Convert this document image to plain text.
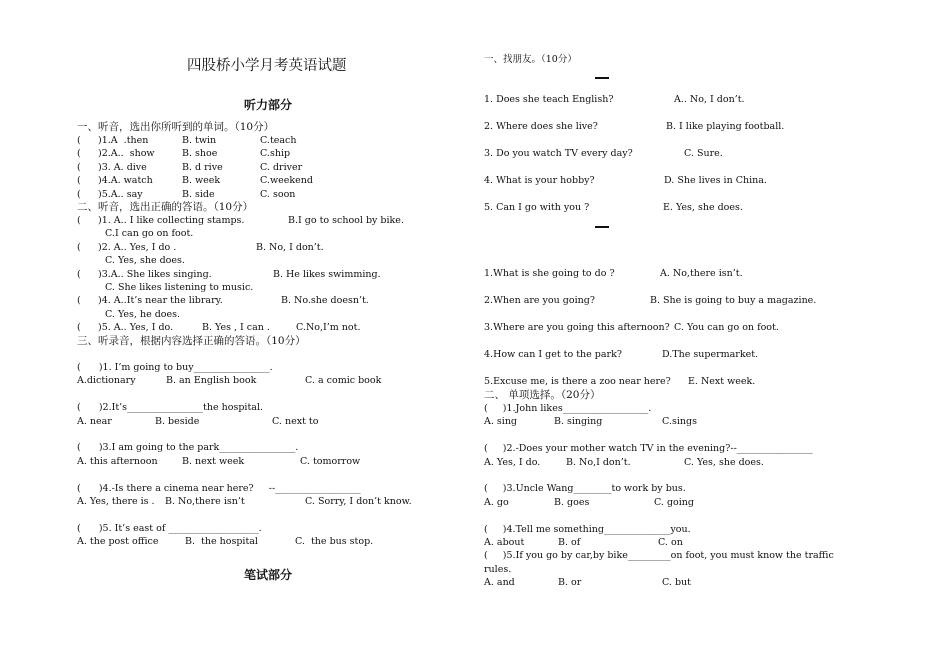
四股桥小学月考英语试题
听力部分
一、听音，选出你所听到的单词。（10分）
( )1.A  .then	B. twin	C.teach
( )2.A..  show	B. shoe	C.ship
( )3. A. dive	B. d rive	C. driver
( )4.A. watch	B. week	C.weekend
( )5.A.. say	B. side	C. soon
二、听音，选出正确的答语。（10分）
( )1. A.. I like collecting stamps.	B.I go to school by bike.
C.I can go on foot.
( )2. A.. Yes, I do .	B. No, I don’t.
C. Yes, she does.
( )3.A.. She likes singing.	B. He likes swimming.
C. She likes listening to music.
( )4. A..It’s near the library.	B. No.she doesn’t.
C. Yes, he does.
( )5. A.. Yes, I do.	B. Yes , I can .	C.No,I’m not.
三、听录音，根据内容选择正确的答语。（10分）
(      )1. I’m going to buy________________.
A.dictionary	B. an English book	C. a comic book
(      )2.It’s________________the hospital.
A. near	B. beside	C. next to
(      )3.I am going to the park________________.
A. this afternoon	B. next week	C. tomorrow
(      )4.-Is there a cinema near here?     --__________________
A. Yes, there is . B. No,there isn’t	C. Sorry, I don’t know.
(      )5. It’s east of ___________________.
A. the post office	B.  the hospital	C.  the bus stop.
笔试部分
一、找朋友。（10分）
1. Does she teach English?	A.. No, I don’t.
2. Where does she live?	B. I like playing football.
3. Do you watch TV every day?	C. Sure.
4. What is your hobby?	D. She lives in China.
5. Can I go with you ?	E. Yes, she does.
1.What is she going to do ?	A. No,there isn’t.
2.When are you going?	B. She is going to buy a magazine.
3.Where are you going this afternoon? C. You can go on foot.
4.How can I get to the park?	D.The supermarket.
5.Excuse me, is there a zoo near here? E. Next week.
二、 单项选择。（20分）
(     )1.John likes__________________.
A. sing	B. singing	C.sings
(     )2.-Does your mother watch TV in the evening?--________________
A. Yes, I do.	B. No,I don’t.	C. Yes, she does.
(     )3.Uncle Wang________to work by bus.
A. go	B. goes	C. going
(     )4.Tell me something______________you.
A. about	B. of	C. on
(     )5.If you go by car,by bike_________on foot, you must know the traffic
rules.
A. and	B. or	C. but
